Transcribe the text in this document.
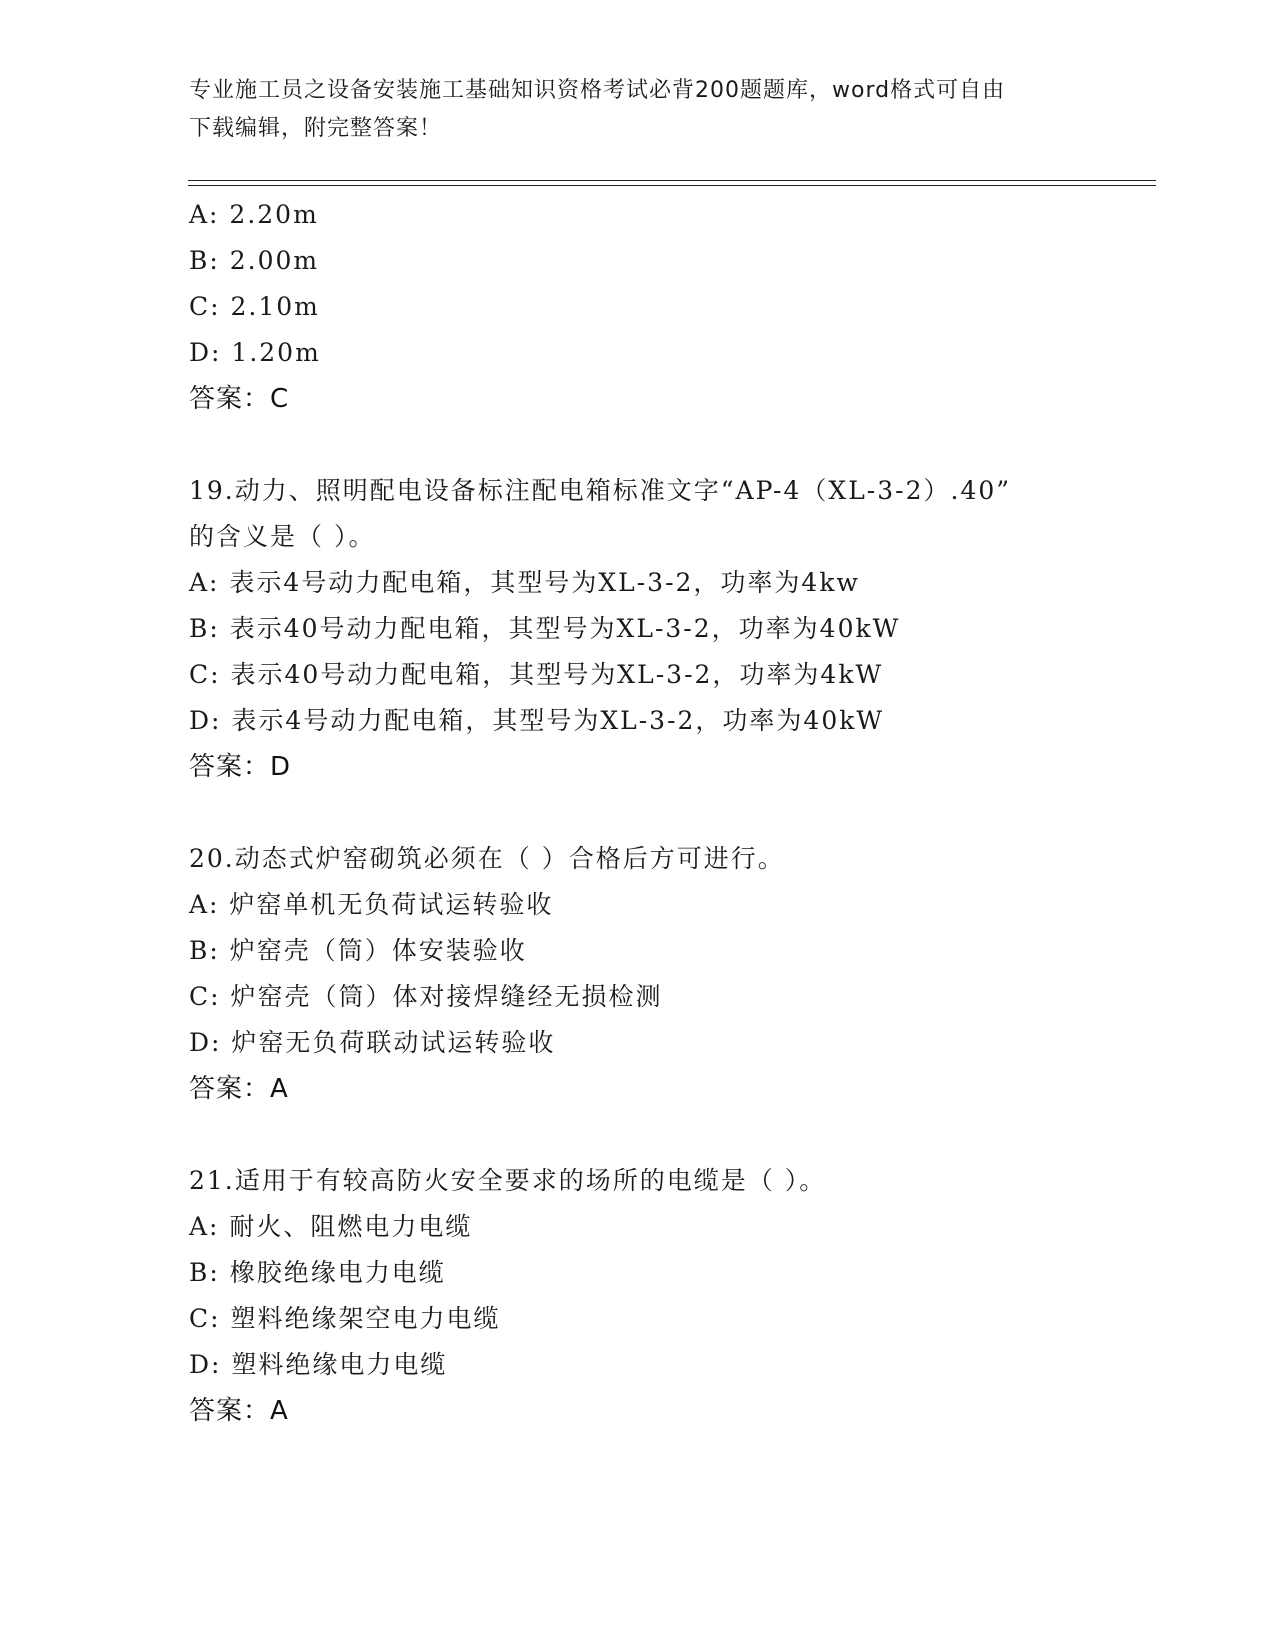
专业施工员之设备安装施工基础知识资格考试必背200题题库，word格式可自由
下载编辑，附完整答案！
A: 2.20m
B: 2.00m
C: 2.10m
D: 1.20m
答案：C
19.动力、照明配电设备标注配电箱标准文字“AP-4（XL-3-2）.40”
的含义是（ ）。
A: 表示4号动力配电箱，其型号为XL-3-2，功率为4kw
B: 表示40号动力配电箱，其型号为XL-3-2，功率为40kW
C: 表示40号动力配电箱，其型号为XL-3-2，功率为4kW
D: 表示4号动力配电箱，其型号为XL-3-2，功率为40kW
答案：D
20.动态式炉窑砌筑必须在（ ）合格后方可进行。
A: 炉窑单机无负荷试运转验收
B: 炉窑壳（筒）体安装验收
C: 炉窑壳（筒）体对接焊缝经无损检测
D: 炉窑无负荷联动试运转验收
答案：A
21.适用于有较高防火安全要求的场所的电缆是（ ）。
A: 耐火、阻燃电力电缆
B: 橡胶绝缘电力电缆
C: 塑料绝缘架空电力电缆
D: 塑料绝缘电力电缆
答案：A
